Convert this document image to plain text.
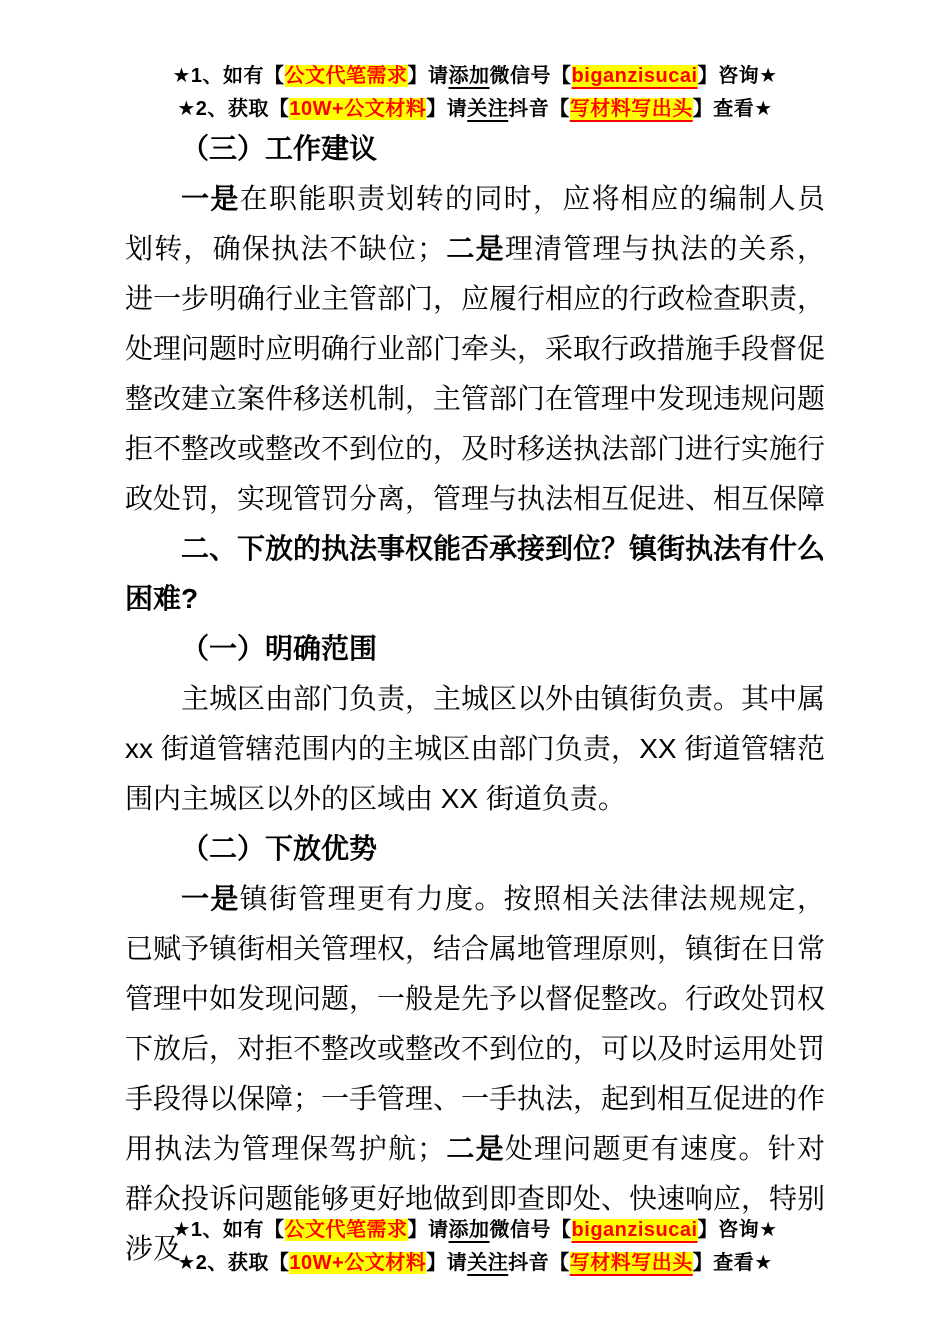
★1、如有【公文代笔需求】请添加微信号【biganzisucai】咨询★
★2、获取【10W+公文材料】请关注抖音【写材料写出头】查看★
（三）工作建议

一是在职能职责划转的同时，应将相应的编制人员划转，确保执法不缺位；二是理清管理与执法的关系，进一步明确行业主管部门，应履行相应的行政检查职责，处理问题时应明确行业部门牵头，采取行政措施手段督促整改建立案件移送机制，主管部门在管理中发现违规问题拒不整改或整改不到位的，及时移送执法部门进行实施行政处罚，实现管罚分离，管理与执法相互促进、相互保障

二、下放的执法事权能否承接到位？镇街执法有什么困难?
（一）明确范围

主城区由部门负责，主城区以外由镇街负责。其中属 xx 街道管辖范围内的主城区由部门负责，XX 街道管辖范围内主城区以外的区域由 XX 街道负责。

（二）下放优势

一是镇街管理更有力度。按照相关法律法规规定，已赋予镇街相关管理权，结合属地管理原则，镇街在日常管理中如发现问题，一般是先予以督促整改。行政处罚权下放后，对拒不整改或整改不到位的，可以及时运用处罚手段得以保障；一手管理、一手执法，起到相互促进的作用执法为管理保驾护航；二是处理问题更有速度。针对群众投诉问题能够更好地做到即查即处、快速响应，特别涉及

★1、如有【公文代笔需求】请添加微信号【biganzisucai】咨询★
★2、获取【10W+公文材料】请关注抖音【写材料写出头】查看★
